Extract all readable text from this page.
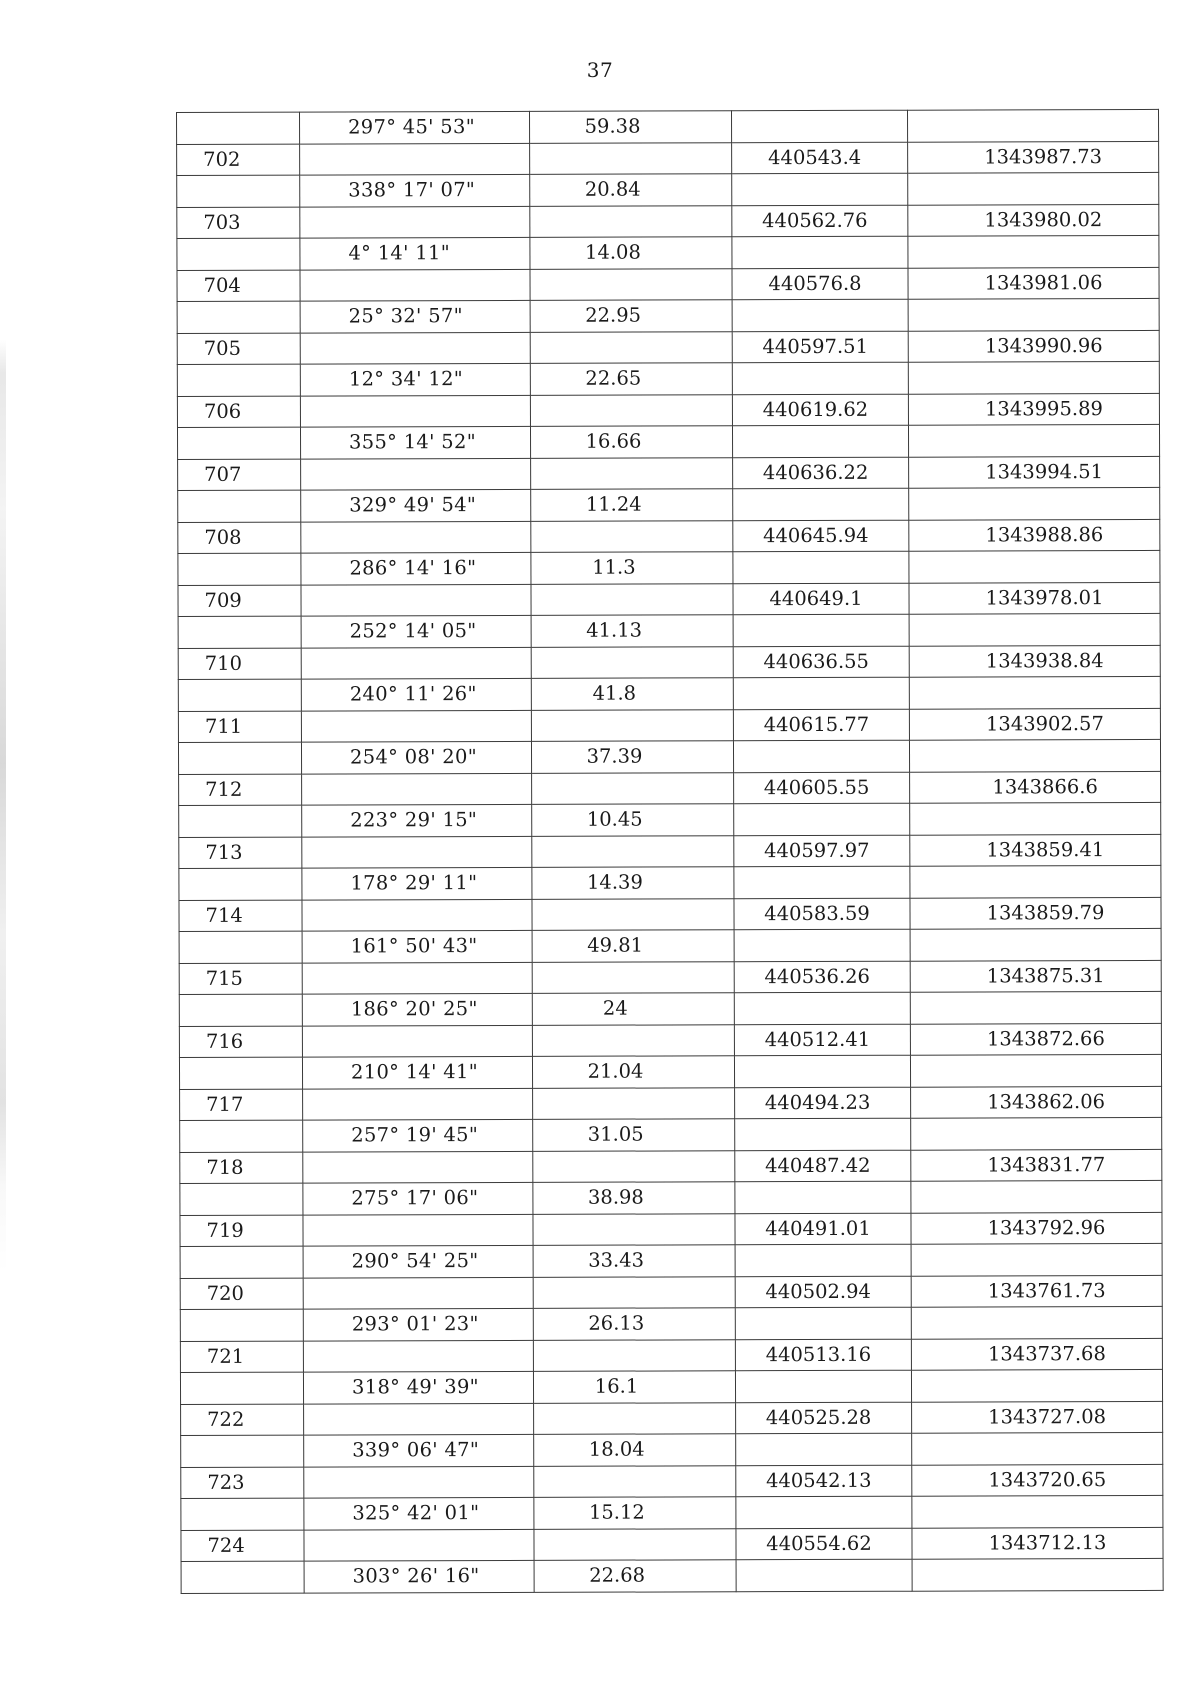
37
	297° 45' 53"	59.38		
702			440543.4	1343987.73
	338° 17' 07"	20.84		
703			440562.76	1343980.02
	4° 14' 11"	14.08		
704			440576.8	1343981.06
	25° 32' 57"	22.95		
705			440597.51	1343990.96
	12° 34' 12"	22.65		
706			440619.62	1343995.89
	355° 14' 52"	16.66		
707			440636.22	1343994.51
	329° 49' 54"	11.24		
708			440645.94	1343988.86
	286° 14' 16"	11.3		
709			440649.1	1343978.01
	252° 14' 05"	41.13		
710			440636.55	1343938.84
	240° 11' 26"	41.8		
711			440615.77	1343902.57
	254° 08' 20"	37.39		
712			440605.55	1343866.6
	223° 29' 15"	10.45		
713			440597.97	1343859.41
	178° 29' 11"	14.39		
714			440583.59	1343859.79
	161° 50' 43"	49.81		
715			440536.26	1343875.31
	186° 20' 25"	24		
716			440512.41	1343872.66
	210° 14' 41"	21.04		
717			440494.23	1343862.06
	257° 19' 45"	31.05		
718			440487.42	1343831.77
	275° 17' 06"	38.98		
719			440491.01	1343792.96
	290° 54' 25"	33.43		
720			440502.94	1343761.73
	293° 01' 23"	26.13		
721			440513.16	1343737.68
	318° 49' 39"	16.1		
722			440525.28	1343727.08
	339° 06' 47"	18.04		
723			440542.13	1343720.65
	325° 42' 01"	15.12		
724			440554.62	1343712.13
	303° 26' 16"	22.68		
